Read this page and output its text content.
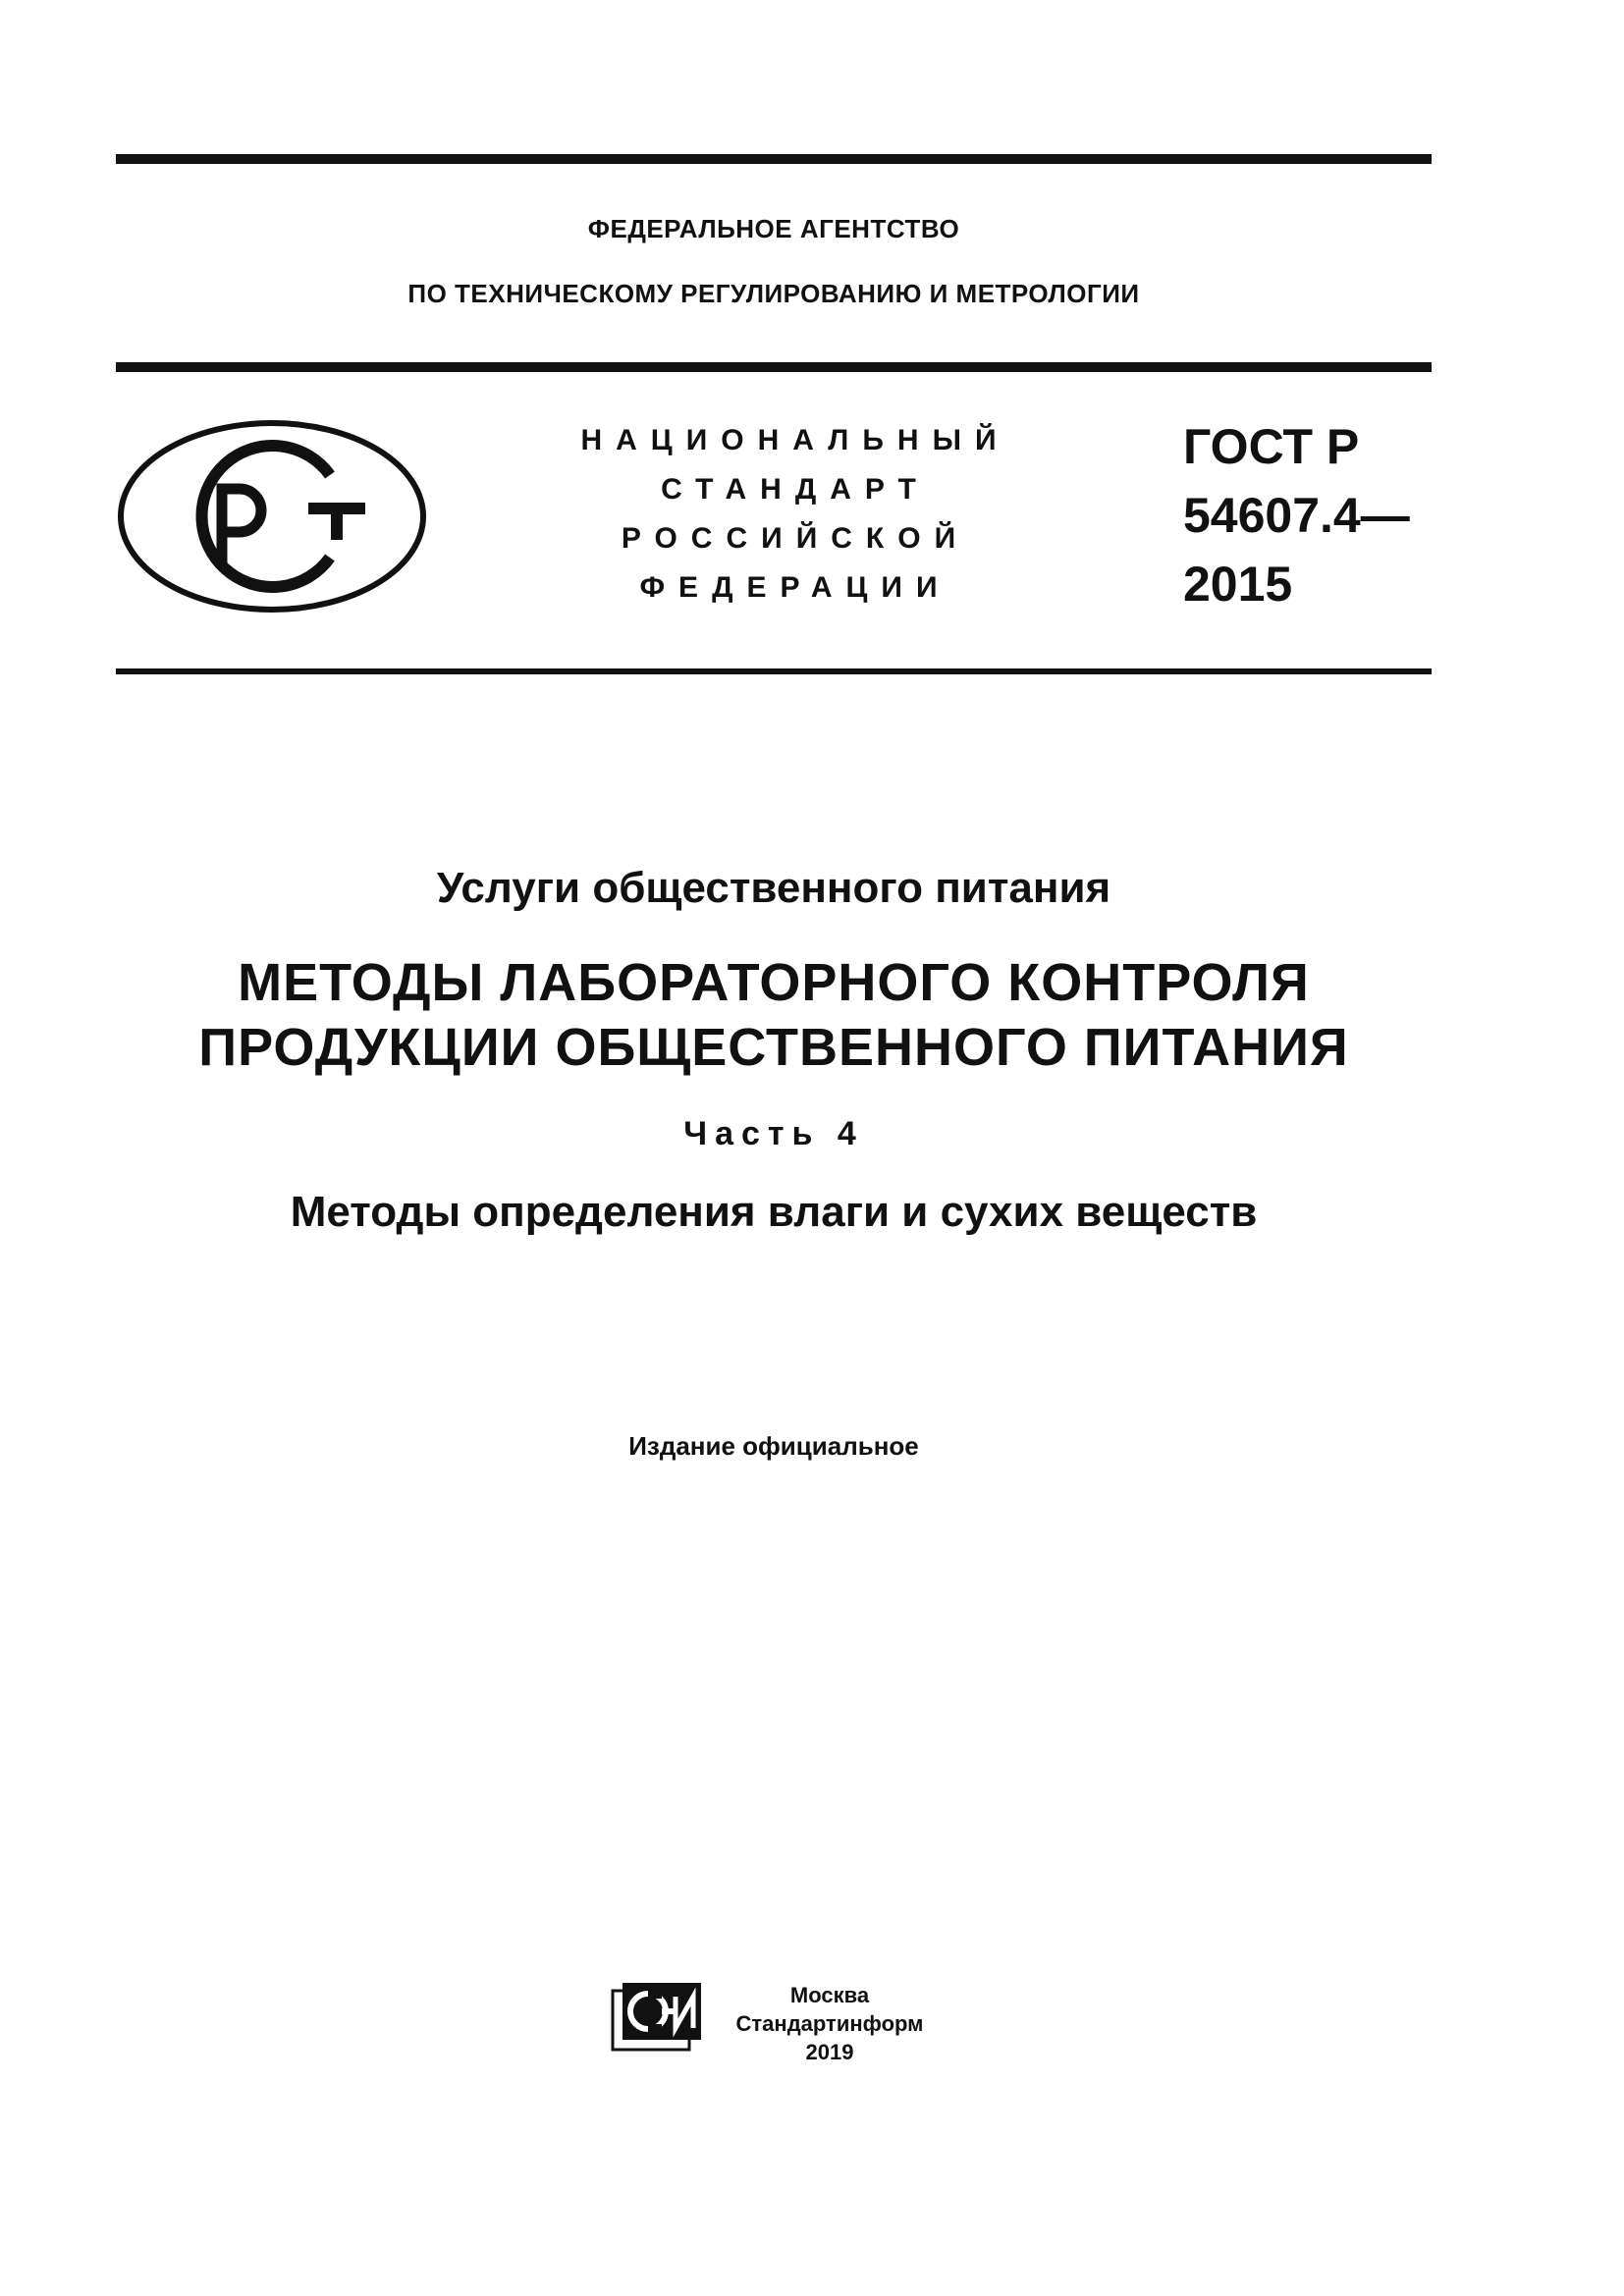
ФЕДЕРАЛЬНОЕ АГЕНТСТВО
ПО ТЕХНИЧЕСКОМУ РЕГУЛИРОВАНИЮ И МЕТРОЛОГИИ
НАЦИОНАЛЬНЫЙ
СТАНДАРТ
РОССИЙСКОЙ
ФЕДЕРАЦИИ
ГОСТ Р
54607.4—
2015
Услуги общественного питания
МЕТОДЫ ЛАБОРАТОРНОГО КОНТРОЛЯ
ПРОДУКЦИИ ОБЩЕСТВЕННОГО ПИТАНИЯ
Часть 4
Методы определения влаги и сухих веществ
Издание официальное
Москва
Стандартинформ
2019
